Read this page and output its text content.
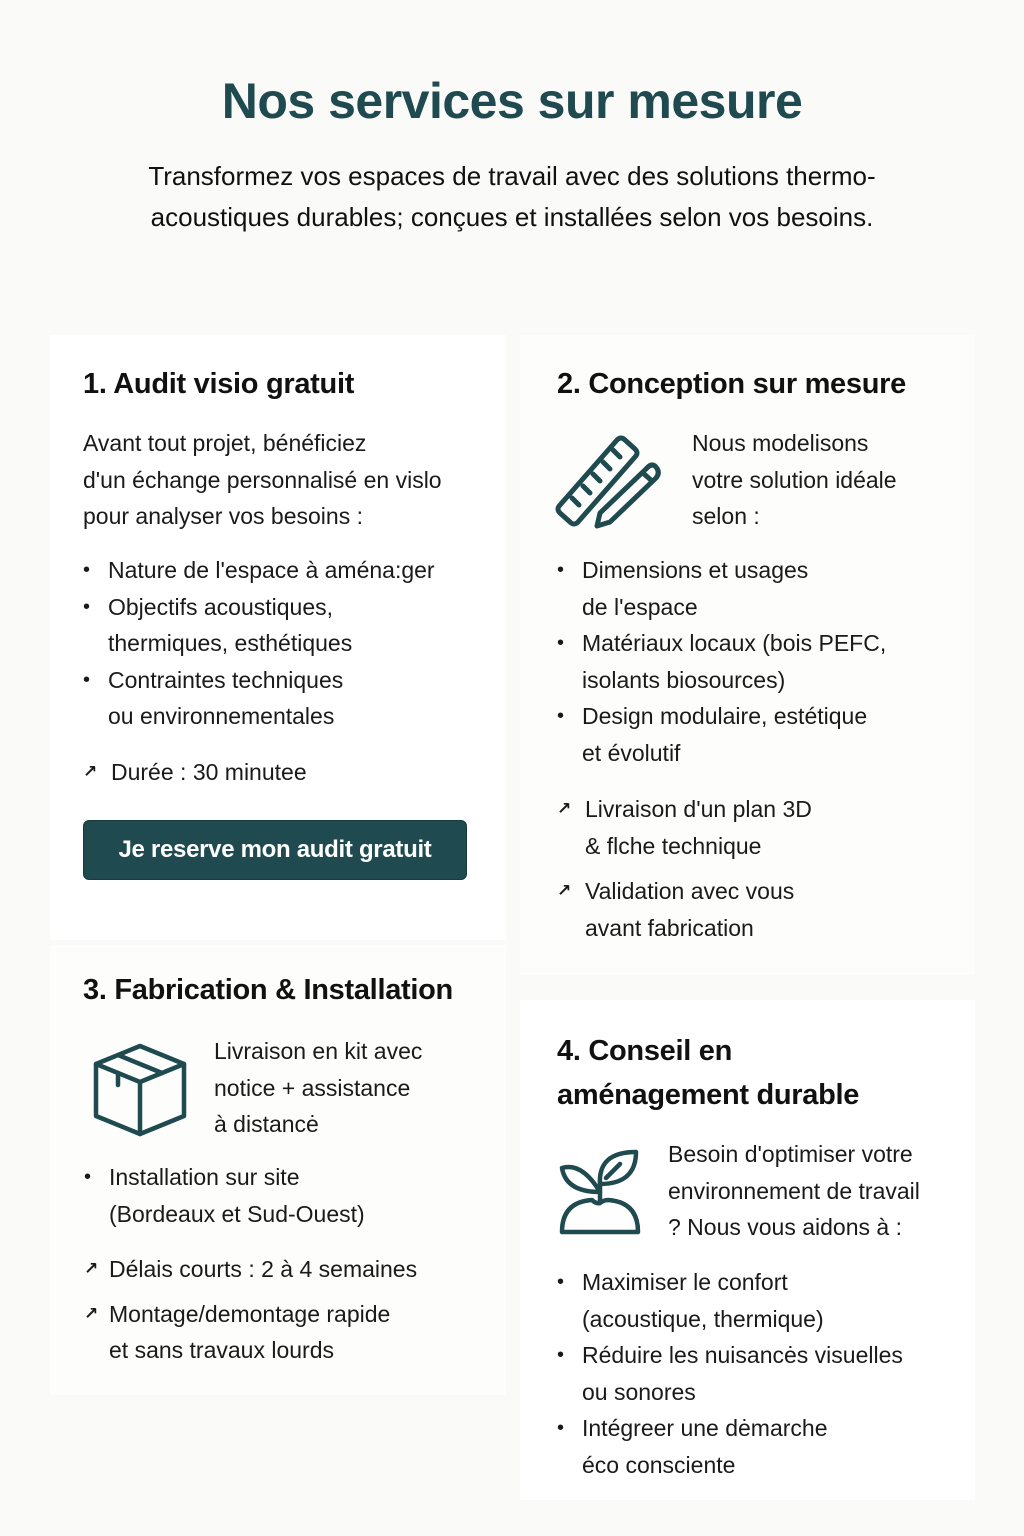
Nos services sur mesure

Transformez vos espaces de travail avec des solutions thermo-acoustiques durables; conçues et installées selon vos besoins.

1. Audit visio gratuit
Avant tout projet, bénéficiez
d'un échange personnalisé en vislo
pour analyser vos besoins :
• Nature de l'espace à aména:ger
• Objectifs acoustiques,
thermiques, esthétiques
• Contraintes techniques
ou environnementales
↗ Durée : 30 minutee
Je reserve mon audit gratuit
2. Conception sur mesure
Nous modelisons
votre solution idéale
selon :
• Dimensions et usages
de l'espace
• Matériaux locaux (bois PEFC,
isolants biosources)
• Design modulaire, estétique
et évolutif
↗ Livraison d'un plan 3D
& flche technique
↗ Validation avec vous
avant fabrication
3. Fabrication & Installation
Livraison en kit avec
notice + assistance
à distancė
• Installation sur site
(Bordeaux et Sud-Ouest)
↗ Délais courts : 2 à 4 semaines
↗ Montage/demontage rapide
et sans travaux lourds
4. Conseil en
aménagement durable
Besoin d'optimiser votre
environnement de travail
? Nous vous aidons à :
• Maximiser le confort
(acoustique, thermique)
• Réduire les nuisancės visuelles
ou sonores
• Intégreer une dėmarche
éco consciente
